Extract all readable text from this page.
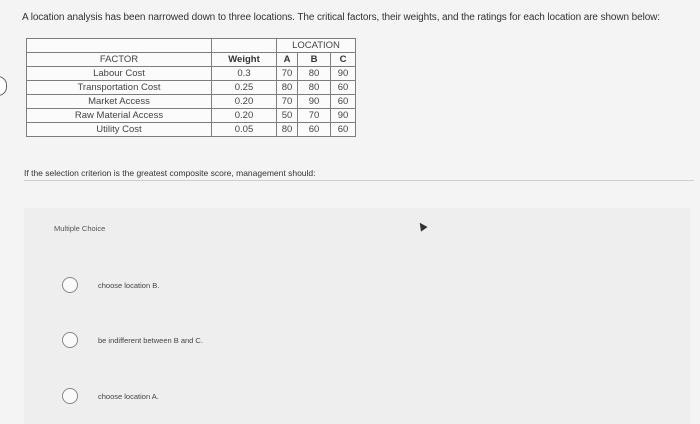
A location analysis has been narrowed down to three locations. The critical factors, their weights, and the ratings for each location are shown below:
		LOCATION		
FACTOR	Weight	A	B	C
Labour Cost	0.3	70	80	90
Transportation Cost	0.25	80	80	60
Market Access	0.20	70	90	60
Raw Material Access	0.20	50	70	90
Utility Cost	0.05	80	60	60
If the selection criterion is the greatest composite score, management should:
Multiple Choice
choose location B.
be indifferent between B and C.
choose location A.
